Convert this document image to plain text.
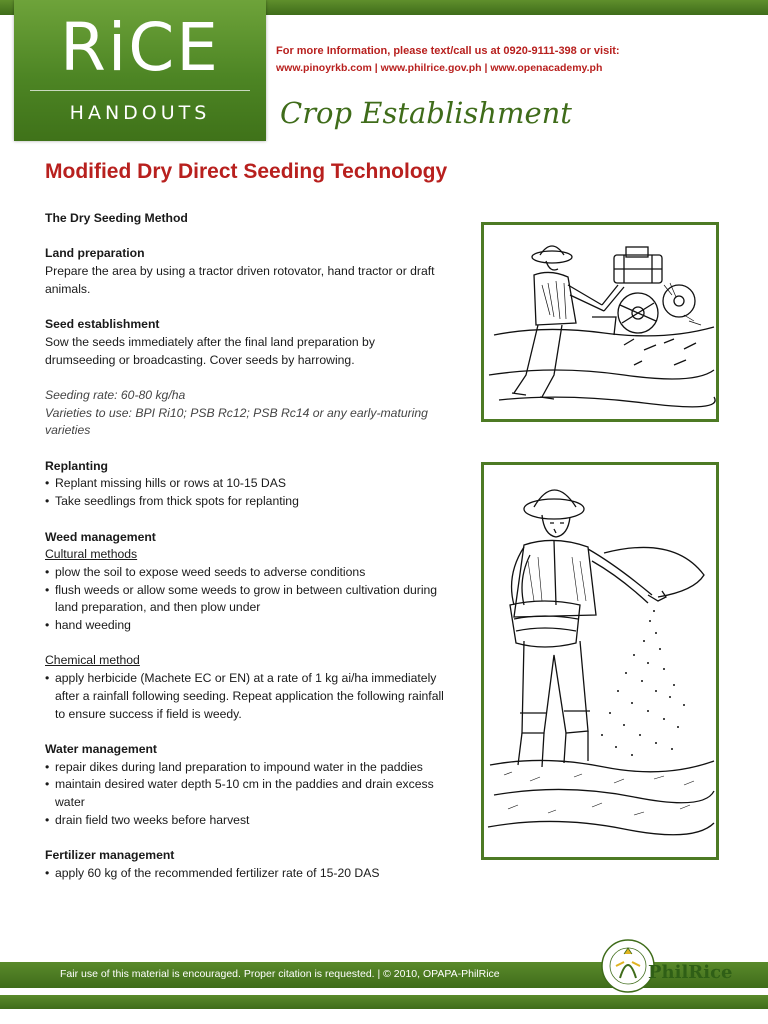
RiCE
HANDOUTS
For more Information, please text/call us at 0920-9111-398 or visit:
www.pinoyrkb.com | www.philrice.gov.ph | www.openacademy.ph
Crop Establishment
Modified Dry Direct Seeding Technology

The Dry Seeding Method

Land preparation

Prepare the area by using a tractor driven rotovator, hand tractor or draft animals.

Seed establishment

Sow the seeds immediately after the final land preparation by drumseeding or broadcasting. Cover seeds by harrowing.

Seeding rate: 60-80 kg/ha

Varieties to use: BPI Ri10; PSB Rc12; PSB Rc14 or any early-maturing varieties

Replanting

• Replant missing hills or rows at 10-15 DAS
• Take seedlings from thick spots for replanting

Weed management

Cultural methods

• plow the soil to expose weed seeds to adverse conditions
• flush weeds or allow some weeds to grow in between cultivation during land preparation, and then plow under
• hand weeding

Chemical method

• apply herbicide (Machete EC or EN) at a rate of 1 kg ai/ha immediately after a rainfall following seeding. Repeat application the following rainfall to ensure success if field is weedy.

Water management

• repair dikes during land preparation to impound water in the paddies
• maintain desired water depth 5-10 cm in the paddies and drain excess water
• drain field two weeks before harvest

Fertilizer management

• apply 60 kg of the recommended fertilizer rate of 15-20 DAS
Fair use of this material is encouraged. Proper citation is requested. | © 2010, OPAPA-PhilRice	PhilRice
